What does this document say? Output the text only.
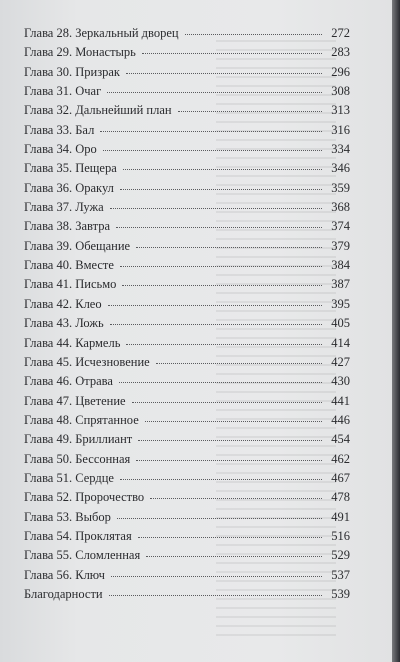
Глава 28. Зеркальный дворец	272
Глава 29. Монастырь	283
Глава 30. Призрак	296
Глава 31. Очаг	308
Глава 32. Дальнейший план	313
Глава 33. Бал	316
Глава 34. Оро	334
Глава 35. Пещера	346
Глава 36. Оракул	359
Глава 37. Лужа	368
Глава 38. Завтра	374
Глава 39. Обещание	379
Глава 40. Вместе	384
Глава 41. Письмо	387
Глава 42. Клео	395
Глава 43. Ложь	405
Глава 44. Кармель	414
Глава 45. Исчезновение	427
Глава 46. Отрава	430
Глава 47. Цветение	441
Глава 48. Спрятанное	446
Глава 49. Бриллиант	454
Глава 50. Бессонная	462
Глава 51. Сердце	467
Глава 52. Пророчество	478
Глава 53. Выбор	491
Глава 54. Проклятая	516
Глава 55. Сломленная	529
Глава 56. Ключ	537
Благодарности	539
